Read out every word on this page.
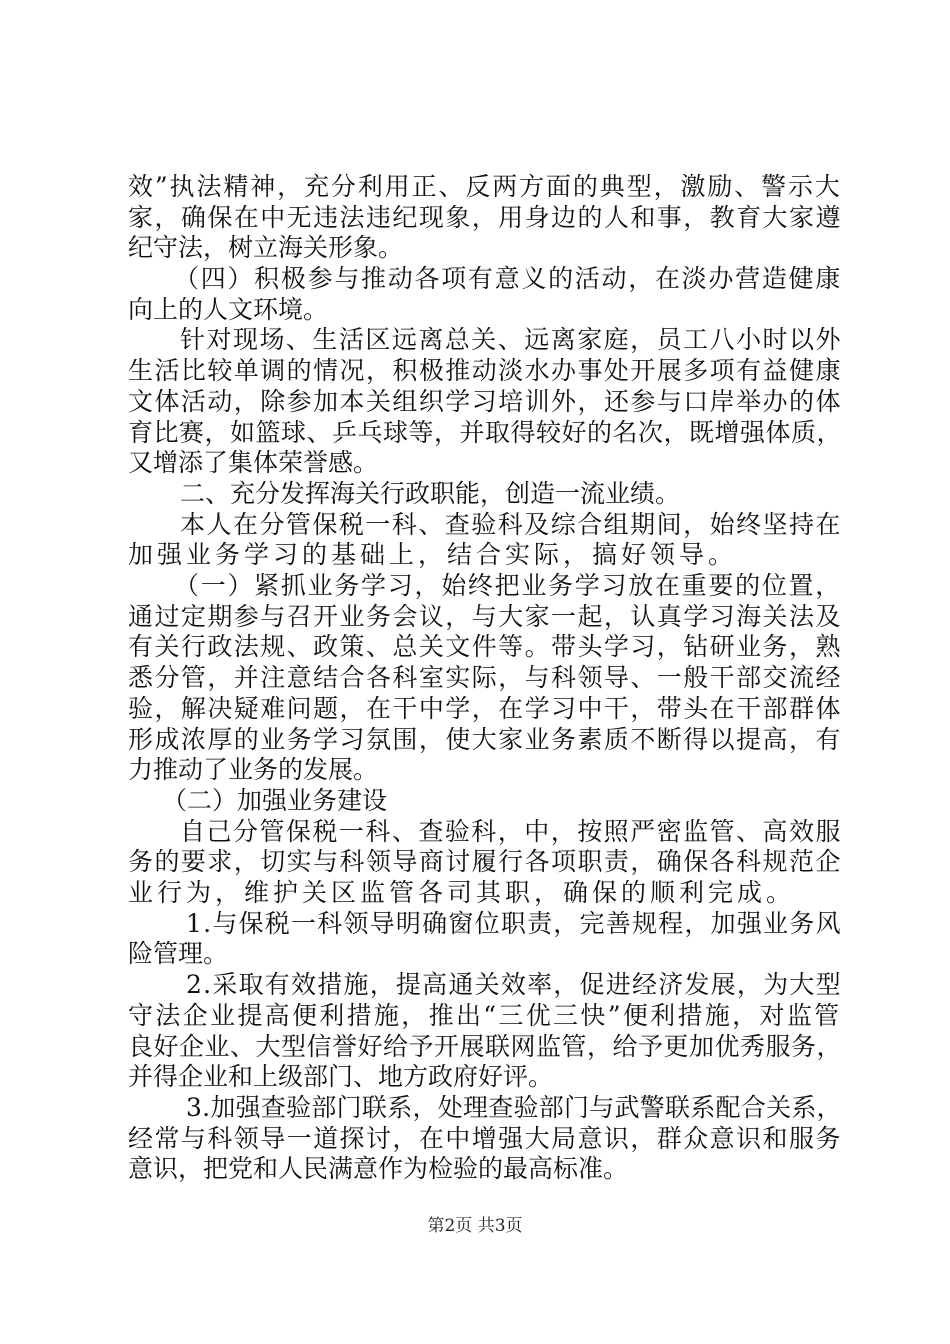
效”执法精神，充分利用正、反两方面的典型，激励、警示大
家，确保在中无违法违纪现象，用身边的人和事，教育大家遵
纪守法，树立海关形象。
（四）积极参与推动各项有意义的活动，在淡办营造健康
向上的人文环境。
针对现场、生活区远离总关、远离家庭，员工八小时以外
生活比较单调的情况，积极推动淡水办事处开展多项有益健康
文体活动，除参加本关组织学习培训外，还参与口岸举办的体
育比赛，如篮球、乒乓球等，并取得较好的名次，既增强体质，
又增添了集体荣誉感。
二、充分发挥海关行政职能，创造一流业绩。
本人在分管保税一科、查验科及综合组期间，始终坚持在
加强业务学习的基础上，结合实际，搞好领导。
（一）紧抓业务学习，始终把业务学习放在重要的位置，
通过定期参与召开业务会议，与大家一起，认真学习海关法及
有关行政法规、政策、总关文件等。带头学习，钻研业务，熟
悉分管，并注意结合各科室实际，与科领导、一般干部交流经
验，解决疑难问题，在干中学，在学习中干，带头在干部群体
形成浓厚的业务学习氛围，使大家业务素质不断得以提高，有
力推动了业务的发展。
（二）加强业务建设
自己分管保税一科、查验科，中，按照严密监管、高效服
务的要求，切实与科领导商讨履行各项职责，确保各科规范企
业行为，维护关区监管各司其职，确保的顺利完成。
1.与保税一科领导明确窗位职责，完善规程，加强业务风
险管理。
2.采取有效措施，提高通关效率，促进经济发展，为大型
守法企业提高便利措施，推出“三优三快”便利措施，对监管
良好企业、大型信誉好给予开展联网监管，给予更加优秀服务，
并得企业和上级部门、地方政府好评。
3.加强查验部门联系，处理查验部门与武警联系配合关系，
经常与科领导一道探讨，在中增强大局意识，群众意识和服务
意识，把党和人民满意作为检验的最高标准。
第2页 共3页
